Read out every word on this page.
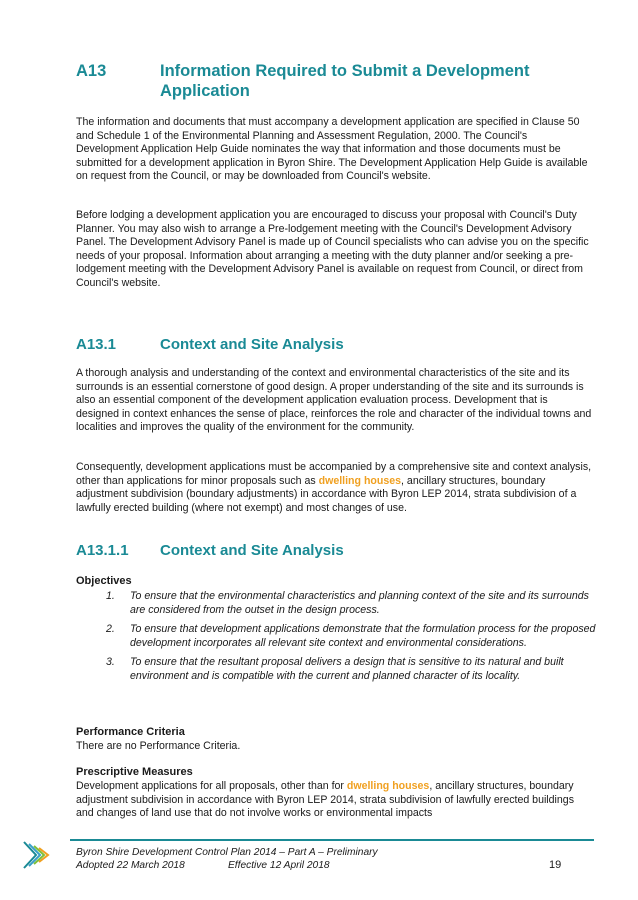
A13	Information Required to Submit a Development Application
The information and documents that must accompany a development application are specified in Clause 50 and Schedule 1 of the Environmental Planning and Assessment Regulation, 2000. The Council's Development Application Help Guide nominates the way that information and those documents must be submitted for a development application in Byron Shire. The Development Application Help Guide is available on request from the Council, or may be downloaded from Council's website.
Before lodging a development application you are encouraged to discuss your proposal with Council's Duty Planner. You may also wish to arrange a Pre-lodgement meeting with the Council's Development Advisory Panel. The Development Advisory Panel is made up of Council specialists who can advise you on the specific needs of your proposal. Information about arranging a meeting with the duty planner and/or seeking a pre-lodgement meeting with the Development Advisory Panel is available on request from Council, or direct from Council's website.
A13.1	Context and Site Analysis
A thorough analysis and understanding of the context and environmental characteristics of the site and its surrounds is an essential cornerstone of good design. A proper understanding of the site and its surrounds is also an essential component of the development application evaluation process. Development that is designed in context enhances the sense of place, reinforces the role and character of the individual towns and localities and improves the quality of the environment for the community.
Consequently, development applications must be accompanied by a comprehensive site and context analysis, other than applications for minor proposals such as dwelling houses, ancillary structures, boundary adjustment subdivision (boundary adjustments) in accordance with Byron LEP 2014, strata subdivision of a lawfully erected building (where not exempt) and most changes of use.
A13.1.1 Context and Site Analysis
Objectives
1. To ensure that the environmental characteristics and planning context of the site and its surrounds are considered from the outset in the design process.
2. To ensure that development applications demonstrate that the formulation process for the proposed development incorporates all relevant site context and environmental considerations.
3. To ensure that the resultant proposal delivers a design that is sensitive to its natural and built environment and is compatible with the current and planned character of its locality.
Performance Criteria
There are no Performance Criteria.
Prescriptive Measures
Development applications for all proposals, other than for dwelling houses, ancillary structures, boundary adjustment subdivision in accordance with Byron LEP 2014, strata subdivision of lawfully erected buildings and changes of land use that do not involve works or environmental impacts
Byron Shire Development Control Plan 2014 – Part A – Preliminary
Adopted 22 March 2018	Effective 12 April 2018	19
